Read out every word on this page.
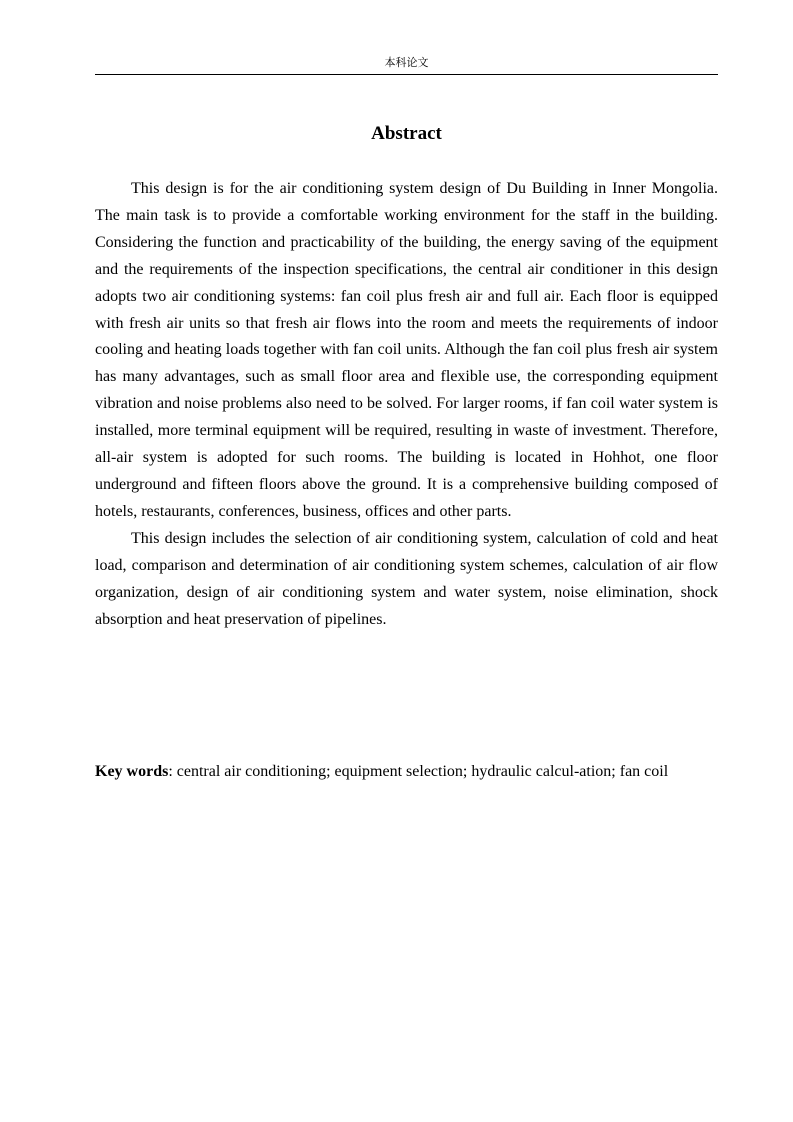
本科论文
Abstract

This design is for the air conditioning system design of Du Building in Inner Mongolia. The main task is to provide a comfortable working environment for the staff in the building. Considering the function and practicability of the building, the energy saving of the equipment and the requirements of the inspection specifications, the central air conditioner in this design adopts two air conditioning systems: fan coil plus fresh air and full air. Each floor is equipped with fresh air units so that fresh air flows into the room and meets the requirements of indoor cooling and heating loads together with fan coil units. Although the fan coil plus fresh air system has many advantages, such as small floor area and flexible use, the corresponding equipment vibration and noise problems also need to be solved. For larger rooms, if fan coil water system is installed, more terminal equipment will be required, resulting in waste of investment. Therefore, all-air system is adopted for such rooms. The building is located in Hohhot, one floor underground and fifteen floors above the ground. It is a comprehensive building composed of hotels, restaurants, conferences, business, offices and other parts.

This design includes the selection of air conditioning system, calculation of cold and heat load, comparison and determination of air conditioning system schemes, calculation of air flow organization, design of air conditioning system and water system, noise elimination, shock absorption and heat preservation of pipelines.

Key words: central air conditioning; equipment selection; hydraulic calcul-ation; fan coil
